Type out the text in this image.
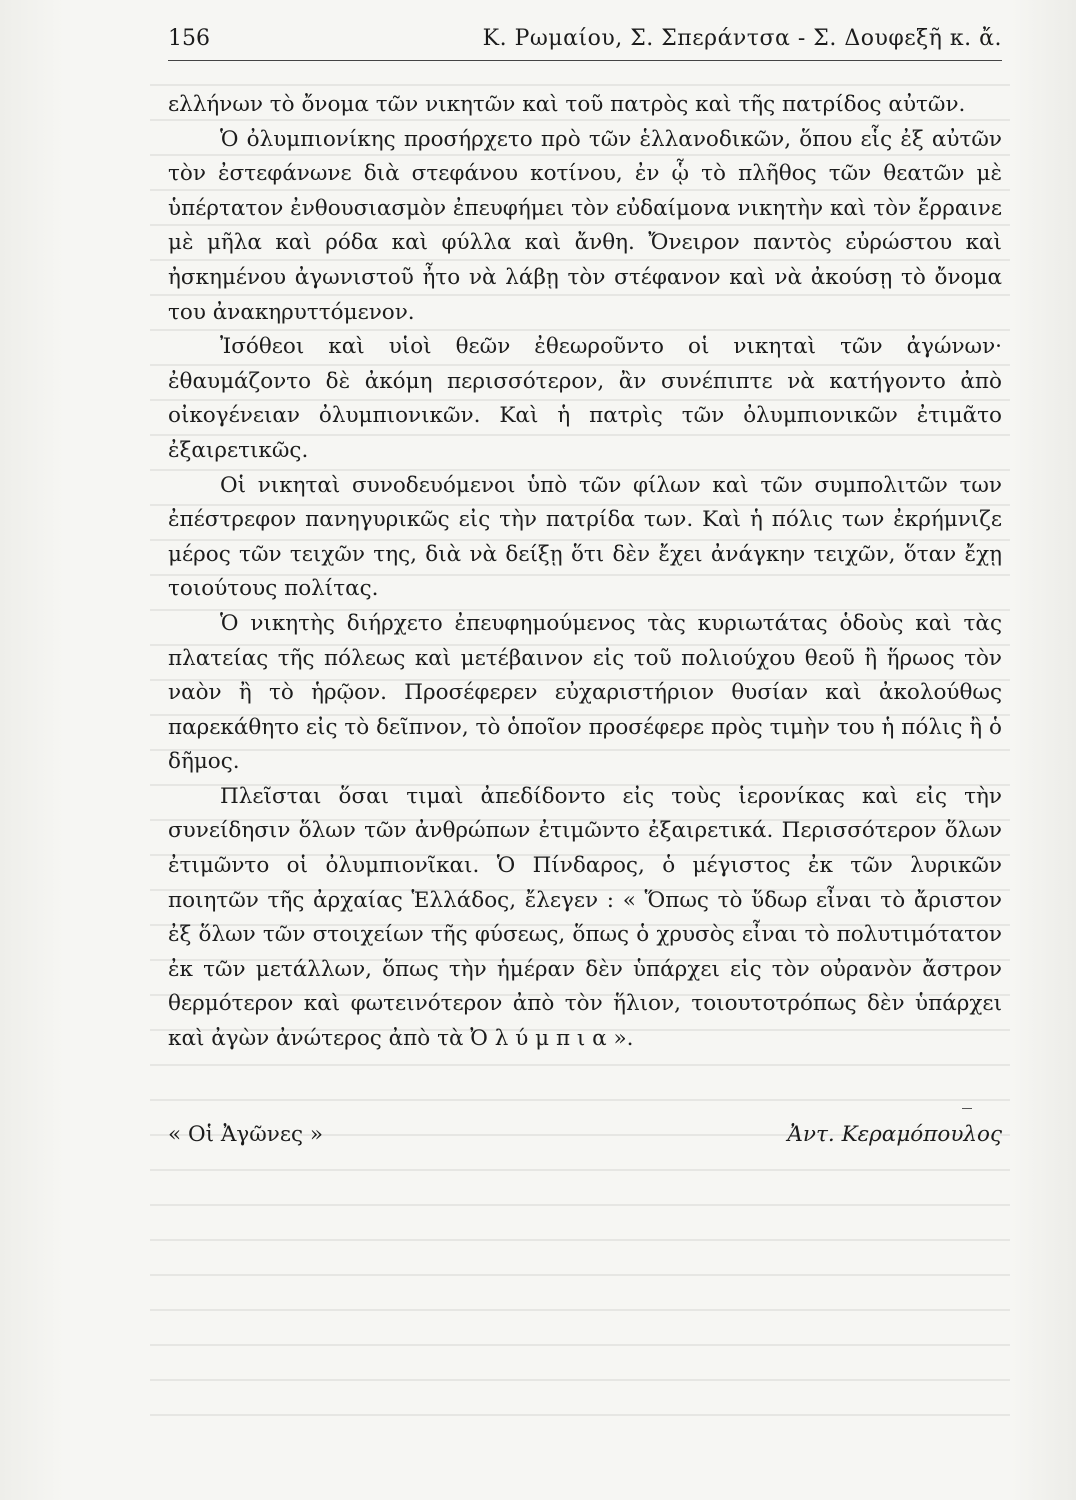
156	Κ. Ρωμαίου, Σ. Σπεράντσα - Σ. Δουφεξῆ κ. ἄ.

ελλήνων τὸ ὄνομα τῶν νικητῶν καὶ τοῦ πατρὸς καὶ τῆς πατρίδος αὐτῶν.

Ὁ ὀλυμπιονίκης προσήρχετο πρὸ τῶν ἑλλανοδικῶν, ὅπου εἷς ἐξ αὐτῶν τὸν ἐστεφάνωνε διὰ στεφάνου κοτίνου, ἐν ᾧ τὸ πλῆθος τῶν θεατῶν μὲ ὑπέρτατον ἐνθουσιασμὸν ἐπευφήμει τὸν εὐδαίμονα νικητὴν καὶ τὸν ἔρραινε μὲ μῆλα καὶ ρόδα καὶ φύλλα καὶ ἄνθη. Ὄνειρον παντὸς εὐρώστου καὶ ἠσκημένου ἀγωνιστοῦ ἦτο νὰ λάβῃ τὸν στέφανον καὶ νὰ ἀκούσῃ τὸ ὄνομα του ἀνακηρυττόμενον.

Ἰσόθεοι καὶ υἱοὶ θεῶν ἐθεωροῦντο οἱ νικηταὶ τῶν ἀγώνων· ἐθαυμάζοντο δὲ ἀκόμη περισσότερον, ἂν συνέπιπτε νὰ κατήγοντο ἀπὸ οἰκογένειαν ὀλυμπιονικῶν. Καὶ ἡ πατρὶς τῶν ὀλυμπιονικῶν ἐτιμᾶτο ἐξαιρετικῶς.

Οἱ νικηταὶ συνοδευόμενοι ὑπὸ τῶν φίλων καὶ τῶν συμπολιτῶν των ἐπέστρεφον πανηγυρικῶς εἰς τὴν πατρίδα των. Καὶ ἡ πόλις των ἐκρήμνιζε μέρος τῶν τειχῶν της, διὰ νὰ δείξῃ ὅτι δὲν ἔχει ἀνάγκην τειχῶν, ὅταν ἔχῃ τοιούτους πολίτας.

Ὁ νικητὴς διήρχετο ἐπευφημούμενος τὰς κυριωτάτας ὁδοὺς καὶ τὰς πλατείας τῆς πόλεως καὶ μετέβαινον εἰς τοῦ πολιούχου θεοῦ ἢ ἥρωος τὸν ναὸν ἢ τὸ ἡρῷον. Προσέφερεν εὐχαριστήριον θυσίαν καὶ ἀκολούθως παρεκάθητο εἰς τὸ δεῖπνον, τὸ ὁποῖον προσέφερε πρὸς τιμὴν του ἡ πόλις ἢ ὁ δῆμος.

Πλεῖσται ὅσαι τιμαὶ ἀπεδίδοντο εἰς τοὺς ἱερονίκας καὶ εἰς τὴν συνείδησιν ὅλων τῶν ἀνθρώπων ἐτιμῶντο ἐξαιρετικά. Περισσότερον ὅλων ἐτιμῶντο οἱ ὀλυμπιονῖκαι. Ὁ Πίνδαρος, ὁ μέγιστος ἐκ τῶν λυρικῶν ποιητῶν τῆς ἀρχαίας Ἑλλάδος, ἔλεγεν : « Ὅπως τὸ ὕδωρ εἶναι τὸ ἄριστον ἐξ ὅλων τῶν στοιχείων τῆς φύσεως, ὅπως ὁ χρυσὸς εἶναι τὸ πολυτιμότατον ἐκ τῶν μετάλλων, ὅπως τὴν ἡμέραν δὲν ὑπάρχει εἰς τὸν οὐρανὸν ἄστρον θερμότερον καὶ φωτεινότερον ἀπὸ τὸν ἥλιον, τοιουτοτρόπως δὲν ὑπάρχει καὶ ἀγὼν ἀνώτερος ἀπὸ τὰ Ὀ λ ύ μ π ι α ».

« Οἱ Ἀγῶνες »	Ἀντ. Κεραμόπουλος
